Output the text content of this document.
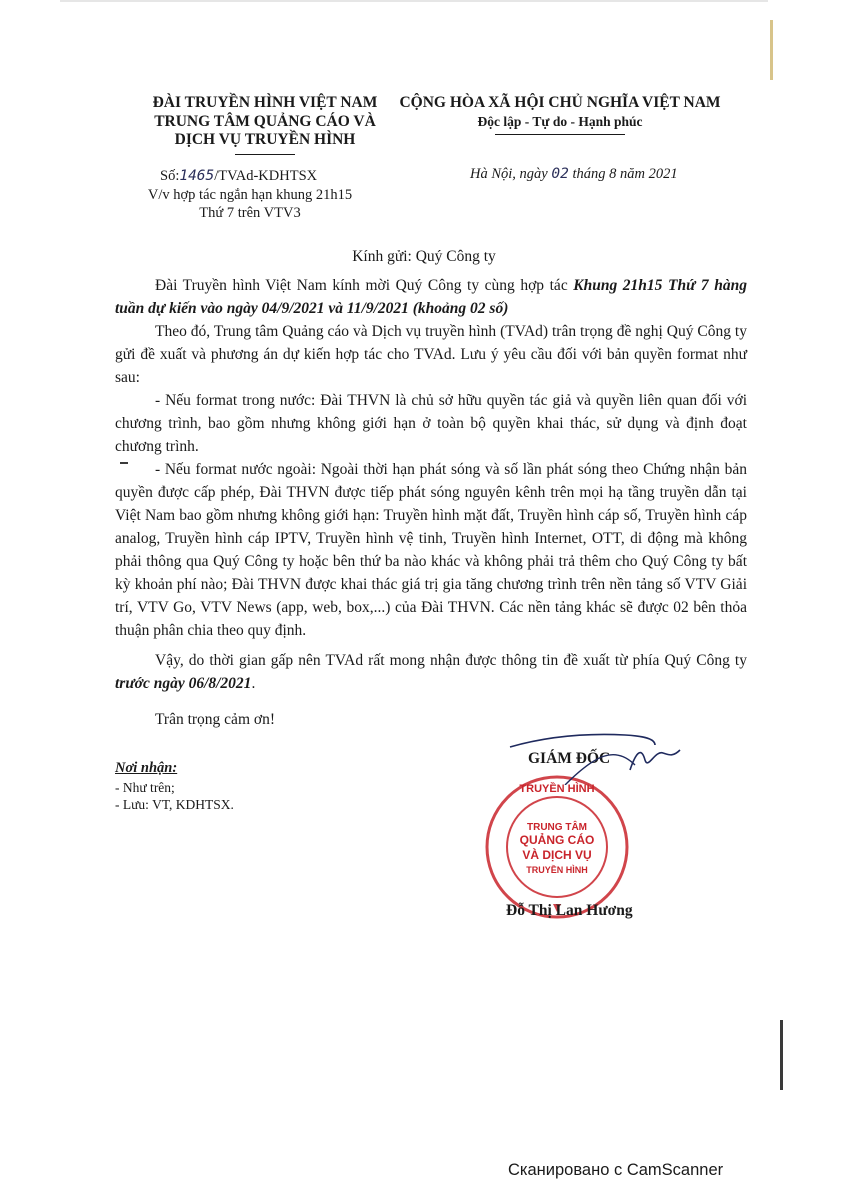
ĐÀI TRUYỀN HÌNH VIỆT NAM
TRUNG TÂM QUẢNG CÁO VÀ
DỊCH VỤ TRUYỀN HÌNH
CỘNG HÒA XÃ HỘI CHỦ NGHĨA VIỆT NAM
Độc lập - Tự do - Hạnh phúc
Số:1465/TVAd-KDHTSX
V/v hợp tác ngắn hạn khung 21h15
Thứ 7 trên VTV3
Hà Nội, ngày 02 tháng 8 năm 2021
Kính gửi: Quý Công ty

Đài Truyền hình Việt Nam kính mời Quý Công ty cùng hợp tác Khung 21h15 Thứ 7 hàng tuần dự kiến vào ngày 04/9/2021 và 11/9/2021 (khoảng 02 số)

Theo đó, Trung tâm Quảng cáo và Dịch vụ truyền hình (TVAd) trân trọng đề nghị Quý Công ty gửi đề xuất và phương án dự kiến hợp tác cho TVAd. Lưu ý yêu cầu đối với bản quyền format như sau:

- Nếu format trong nước: Đài THVN là chủ sở hữu quyền tác giả và quyền liên quan đối với chương trình, bao gồm nhưng không giới hạn ở toàn bộ quyền khai thác, sử dụng và định đoạt chương trình.

- Nếu format nước ngoài: Ngoài thời hạn phát sóng và số lần phát sóng theo Chứng nhận bản quyền được cấp phép, Đài THVN được tiếp phát sóng nguyên kênh trên mọi hạ tầng truyền dẫn tại Việt Nam bao gồm nhưng không giới hạn: Truyền hình mặt đất, Truyền hình cáp số, Truyền hình cáp analog, Truyền hình cáp IPTV, Truyền hình vệ tinh, Truyền hình Internet, OTT, di động mà không phải thông qua Quý Công ty hoặc bên thứ ba nào khác và không phải trả thêm cho Quý Công ty bất kỳ khoản phí nào; Đài THVN được khai thác giá trị gia tăng chương trình trên nền tảng số VTV Giải trí, VTV Go, VTV News (app, web, box,...) của Đài THVN. Các nền tảng khác sẽ được 02 bên thỏa thuận phân chia theo quy định.

Vậy, do thời gian gấp nên TVAd rất mong nhận được thông tin đề xuất từ phía Quý Công ty trước ngày 06/8/2021.

Trân trọng cảm ơn!
Nơi nhận:
- Như trên;
- Lưu: VT, KDHTSX.
GIÁM ĐỐC
TRUYỀN HÌNH
TRUNG TÂM
QUẢNG CÁO
VÀ DỊCH VỤ
TRUYỀN HÌNH
Đỗ Thị Lan Hương
Сканировано с CamScanner
